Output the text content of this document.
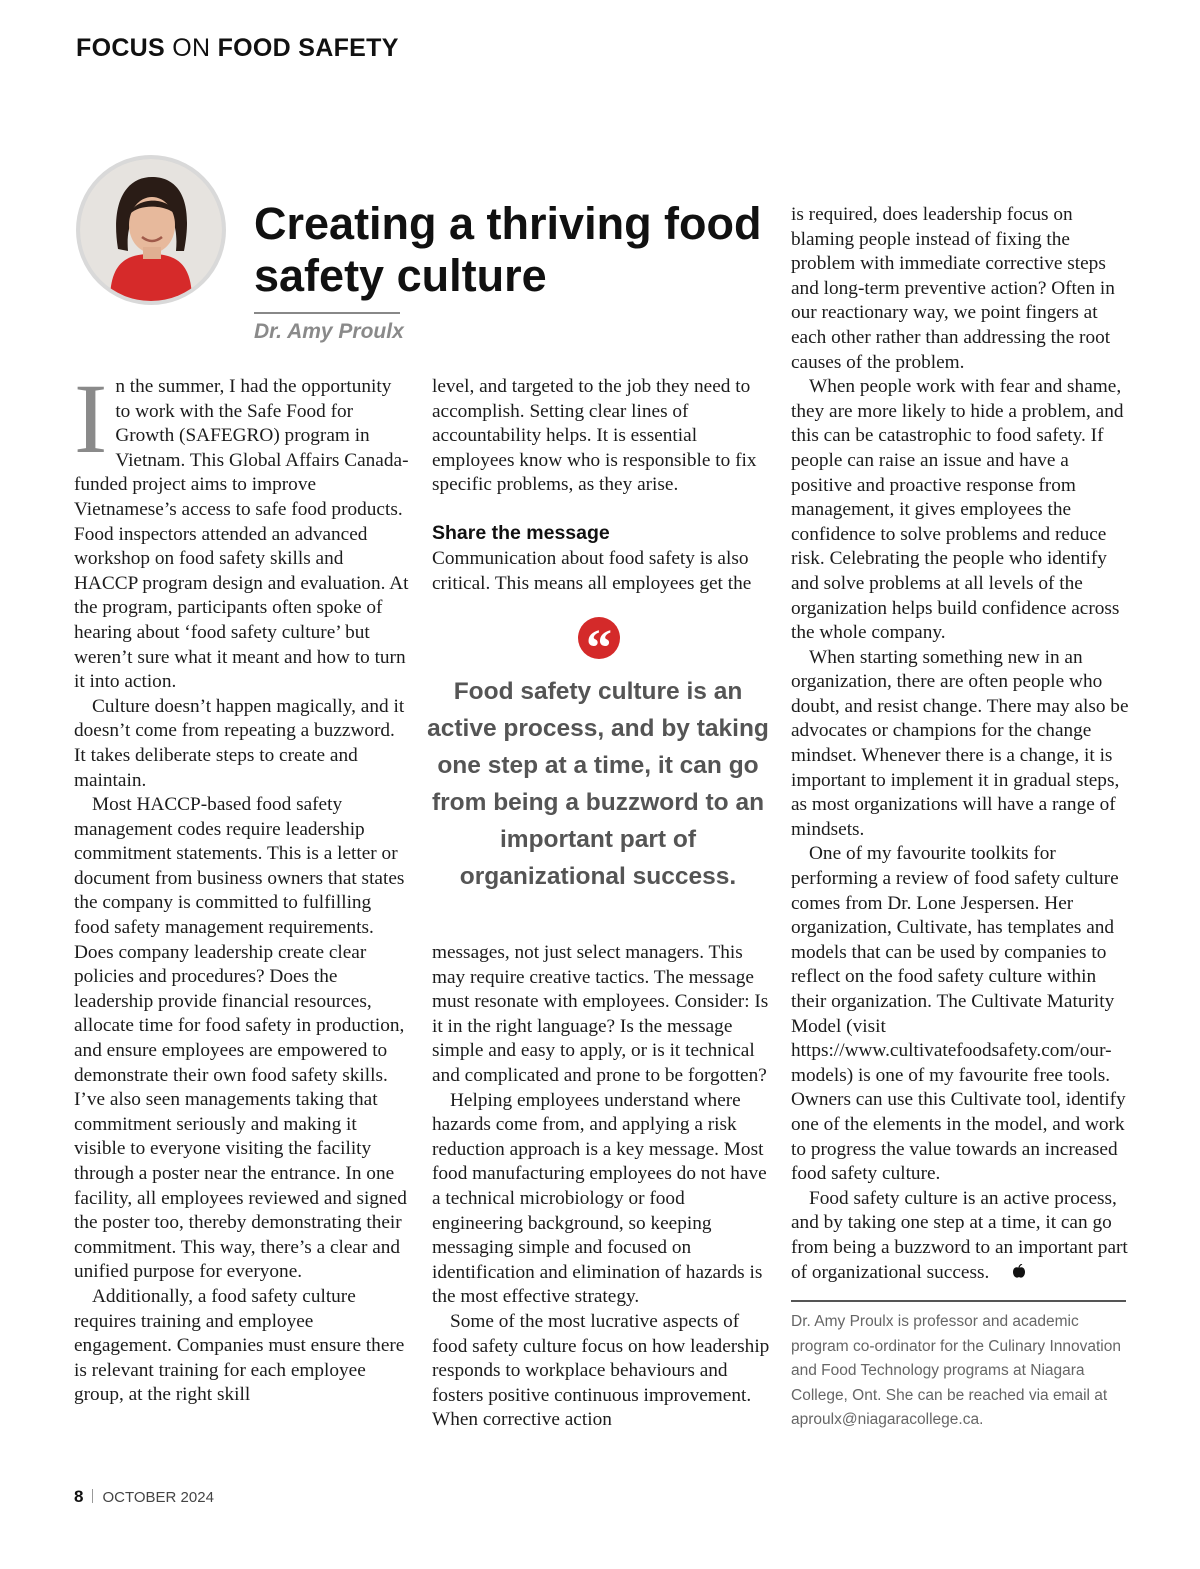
FOCUS ON FOOD SAFETY
Creating a thriving food safety culture
Dr. Amy Proulx

In the summer, I had the opportunity to work with the Safe Food for Growth (SAFEGRO) program in Vietnam. This Global Affairs Canada-funded project aims to improve Vietnamese’s access to safe food products. Food inspectors attended an advanced workshop on food safety skills and HACCP program design and evaluation. At the program, participants often spoke of hearing about ‘food safety culture’ but weren’t sure what it meant and how to turn it into action.

Culture doesn’t happen magically, and it doesn’t come from repeating a buzzword. It takes deliberate steps to create and maintain.

Most HACCP-based food safety management codes require leadership commitment statements. This is a letter or document from business owners that states the company is committed to fulfilling food safety management requirements. Does company leadership create clear policies and procedures? Does the leadership provide financial resources, allocate time for food safety in production, and ensure employees are empowered to demonstrate their own food safety skills. I’ve also seen managements taking that commitment seriously and making it visible to everyone visiting the facility through a poster near the entrance. In one facility, all employees reviewed and signed the poster too, thereby demonstrating their commitment. This way, there’s a clear and unified purpose for everyone.

Additionally, a food safety culture requires training and employee engagement. Companies must ensure there is relevant training for each employee group, at the right skill

level, and targeted to the job they need to accomplish. Setting clear lines of accountability helps. It is essential employees know who is responsible to fix specific problems, as they arise.

Share the message

Communication about food safety is also critical. This means all employees get the

“
Food safety culture is an active process, and by taking one step at a time, it can go from being a buzzword to an important part of organizational success.

messages, not just select managers. This may require creative tactics. The message must resonate with employees. Consider: Is it in the right language? Is the message simple and easy to apply, or is it technical and complicated and prone to be forgotten?

Helping employees understand where hazards come from, and applying a risk reduction approach is a key message. Most food manufacturing employees do not have a technical microbiology or food engineering background, so keeping messaging simple and focused on identification and elimination of hazards is the most effective strategy.

Some of the most lucrative aspects of food safety culture focus on how leadership responds to workplace behaviours and fosters positive continuous improvement. When corrective action

is required, does leadership focus on blaming people instead of fixing the problem with immediate corrective steps and long-term preventive action? Often in our reactionary way, we point fingers at each other rather than addressing the root causes of the problem.

When people work with fear and shame, they are more likely to hide a problem, and this can be catastrophic to food safety. If people can raise an issue and have a positive and proactive response from management, it gives employees the confidence to solve problems and reduce risk. Celebrating the people who identify and solve problems at all levels of the organization helps build confidence across the whole company.

When starting something new in an organization, there are often people who doubt, and resist change. There may also be advocates or champions for the change mindset. Whenever there is a change, it is important to implement it in gradual steps, as most organizations will have a range of mindsets.

One of my favourite toolkits for performing a review of food safety culture comes from Dr. Lone Jespersen. Her organization, Cultivate, has templates and models that can be used by companies to reflect on the food safety culture within their organization. The Cultivate Maturity Model (visit https://www.cultivatefoodsafety.com/our-models) is one of my favourite free tools. Owners can use this Cultivate tool, identify one of the elements in the model, and work to progress the value towards an increased food safety culture.

Food safety culture is an active process, and by taking one step at a time, it can go from being a buzzword to an important part of organizational success.

Dr. Amy Proulx is professor and academic program co-ordinator for the Culinary Innovation and Food Technology programs at Niagara College, Ont. She can be reached via email at aproulx@niagaracollege.ca.
8 OCTOBER 2024
